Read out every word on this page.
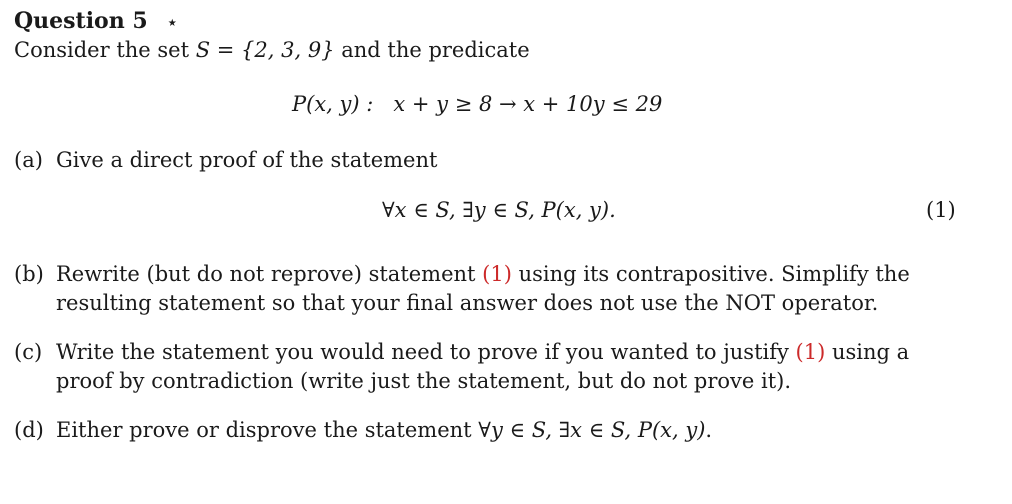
Question 5 ⋆
Consider the set S = {2, 3, 9} and the predicate
P(x, y) : x + y ≥ 8 → x + 10y ≤ 29
(a) Give a direct proof of the statement
∀x ∈ S, ∃y ∈ S, P(x, y).	(1)
(b) Rewrite (but do not reprove) statement (1) using its contrapositive. Simplify the resulting statement so that your final answer does not use the NOT operator.
(c) Write the statement you would need to prove if you wanted to justify (1) using a proof by contradiction (write just the statement, but do not prove it).
(d) Either prove or disprove the statement ∀y ∈ S, ∃x ∈ S, P(x, y).
